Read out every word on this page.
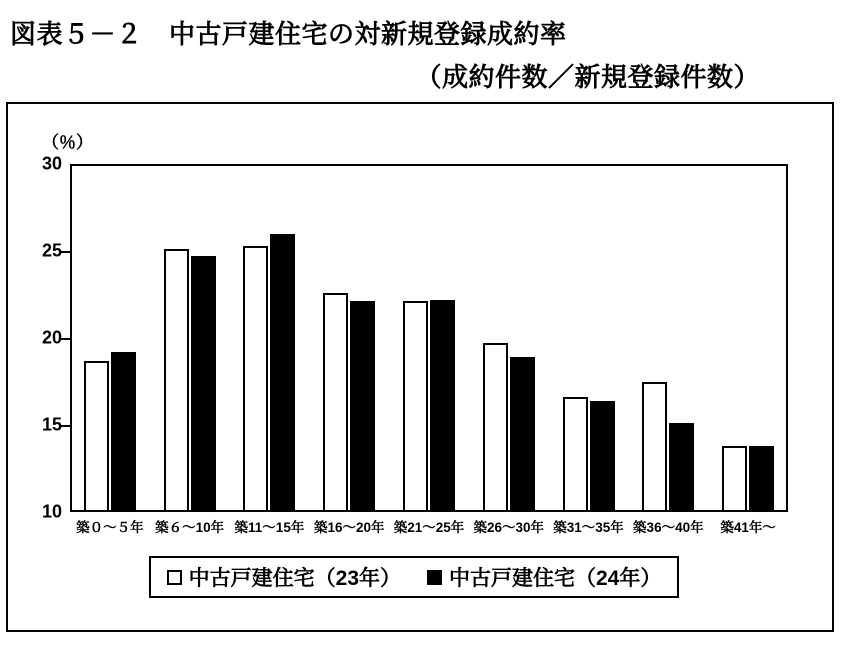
図表５－２　中古戸建住宅の対新規登録成約率
（成約件数／新規登録件数）
（％）
10
15
20
25
30
築０～５年 築６～10年 築11～15年 築16～20年 築21～25年 築26～30年 築31～35年 築36～40年 築41年～
中古戸建住宅（23年） 中古戸建住宅（24年）
